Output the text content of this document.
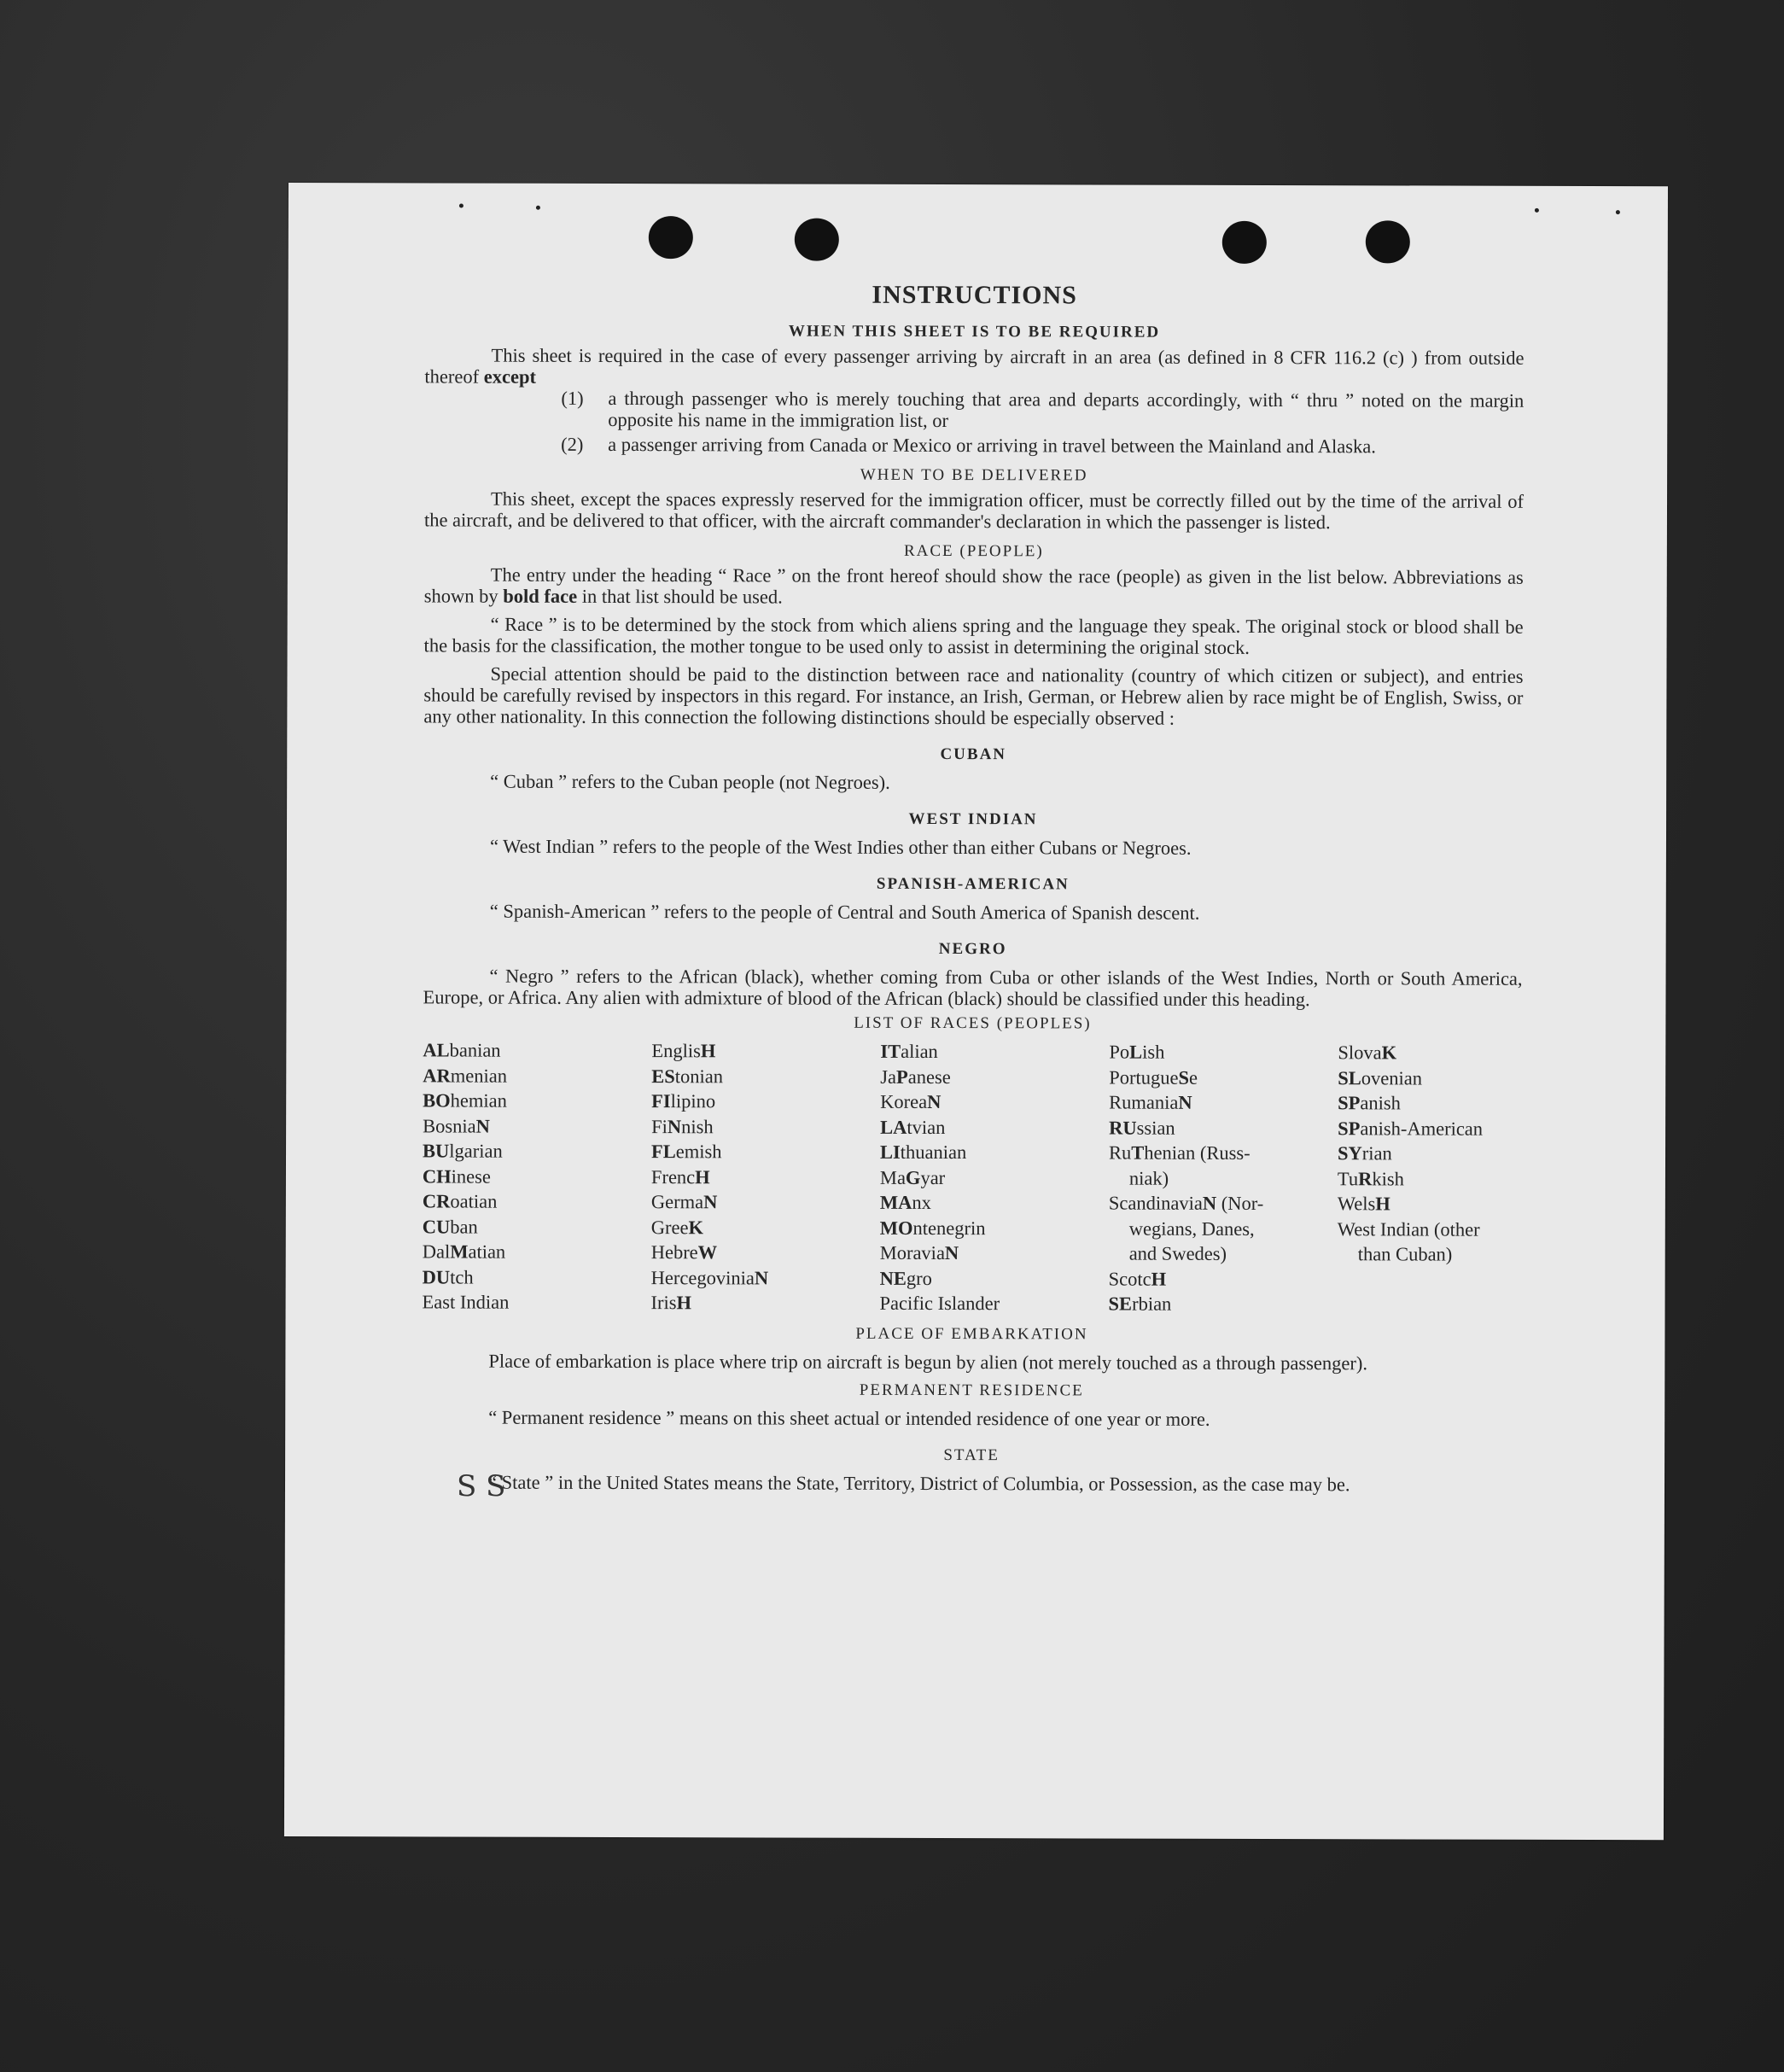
INSTRUCTIONS
WHEN THIS SHEET IS TO BE REQUIRED

This sheet is required in the case of every passenger arriving by aircraft in an area (as defined in 8 CFR 116.2 (c) ) from outside thereof except

(1) a through passenger who is merely touching that area and departs accordingly, with “ thru ” noted on the margin opposite his name in the immigration list, or

(2) a passenger arriving from Canada or Mexico or arriving in travel between the Mainland and Alaska.

WHEN TO BE DELIVERED

This sheet, except the spaces expressly reserved for the immigration officer, must be correctly filled out by the time of the arrival of the aircraft, and be delivered to that officer, with the aircraft commander's declaration in which the passenger is listed.

RACE (PEOPLE)

The entry under the heading “ Race ” on the front hereof should show the race (people) as given in the list below. Abbreviations as shown by bold face in that list should be used.

“ Race ” is to be determined by the stock from which aliens spring and the language they speak. The original stock or blood shall be the basis for the classification, the mother tongue to be used only to assist in determining the original stock.

Special attention should be paid to the distinction between race and nationality (country of which citizen or subject), and entries should be carefully revised by inspectors in this regard. For instance, an Irish, German, or Hebrew alien by race might be of English, Swiss, or any other nationality. In this connection the following distinctions should be especially observed :

CUBAN

“ Cuban ” refers to the Cuban people (not Negroes).

WEST INDIAN

“ West Indian ” refers to the people of the West Indies other than either Cubans or Negroes.

SPANISH-AMERICAN

“ Spanish-American ” refers to the people of Central and South America of Spanish descent.

NEGRO

“ Negro ” refers to the African (black), whether coming from Cuba or other islands of the West Indies, North or South America, Europe, or Africa. Any alien with admixture of blood of the African (black) should be classified under this heading.

LIST OF RACES (PEOPLES)
ALbanian
ARmenian
BOhemian
BosniaN
BUlgarian
CHinese
CRoatian
CUban
DalMatian
DUtch
East Indian
EnglisH
EStonian
FIlipino
FiNnish
FLemish
FrencH
GermaN
GreeK
HebreW
HercegoviniaN
IrisH
ITalian
JaPanese
KoreaN
LAtvian
LIthuanian
MaGyar
MAnx
MOntenegrin
MoraviaN
NEgro
Pacific Islander
PoLish
PortugueSe
RumaniaN
RUssian
RuThenian (Russ-
niak)
ScandinaviaN (Nor-
wegians, Danes,
and Swedes)
ScotcH
SErbian
SlovaK
SLovenian
SPanish
SPanish-American
SYrian
TuRkish
WelsH
West Indian (other
than Cuban)
PLACE OF EMBARKATION

Place of embarkation is place where trip on aircraft is begun by alien (not merely touched as a through passenger).

PERMANENT RESIDENCE

“ Permanent residence ” means on this sheet actual or intended residence of one year or more.

STATE

“ State ” in the United States means the State, Territory, District of Columbia, or Possession, as the case may be.

S S
